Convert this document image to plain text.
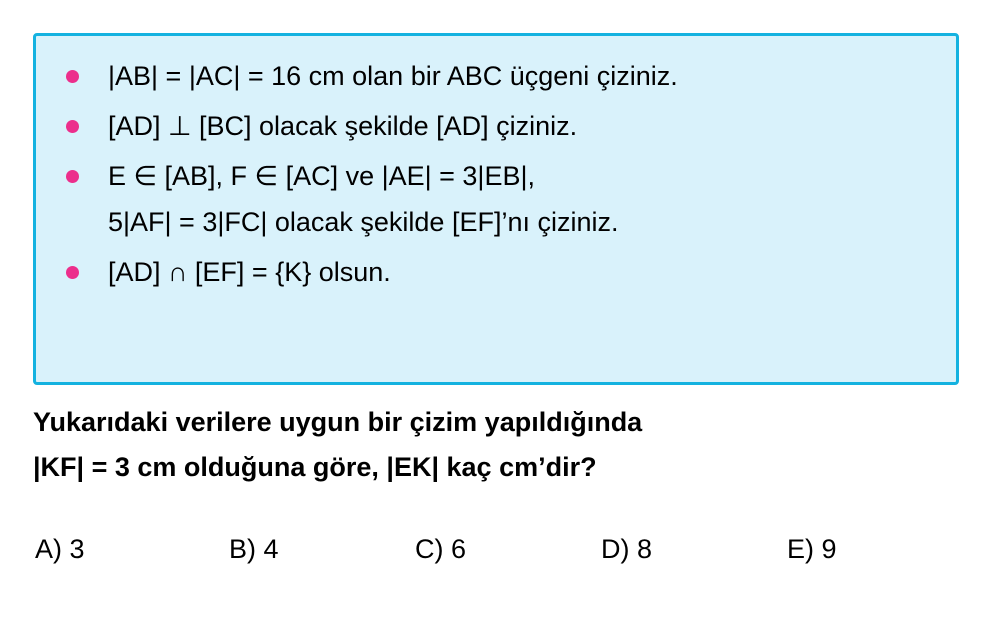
|AB| = |AC| = 16 cm olan bir ABC üçgeni çiziniz.
[AD] ⊥ [BC] olacak şekilde [AD] çiziniz.
E ∈ [AB], F ∈ [AC] ve |AE| = 3|EB|,
5|AF| = 3|FC| olacak şekilde [EF]’nı çiziniz.
[AD] ∩ [EF] = {K} olsun.
Yukarıdaki verilere uygun bir çizim yapıldığında
|KF| = 3 cm olduğuna göre, |EK| kaç cm’dir?
A) 3	B) 4	C) 6	D) 8	E) 9
